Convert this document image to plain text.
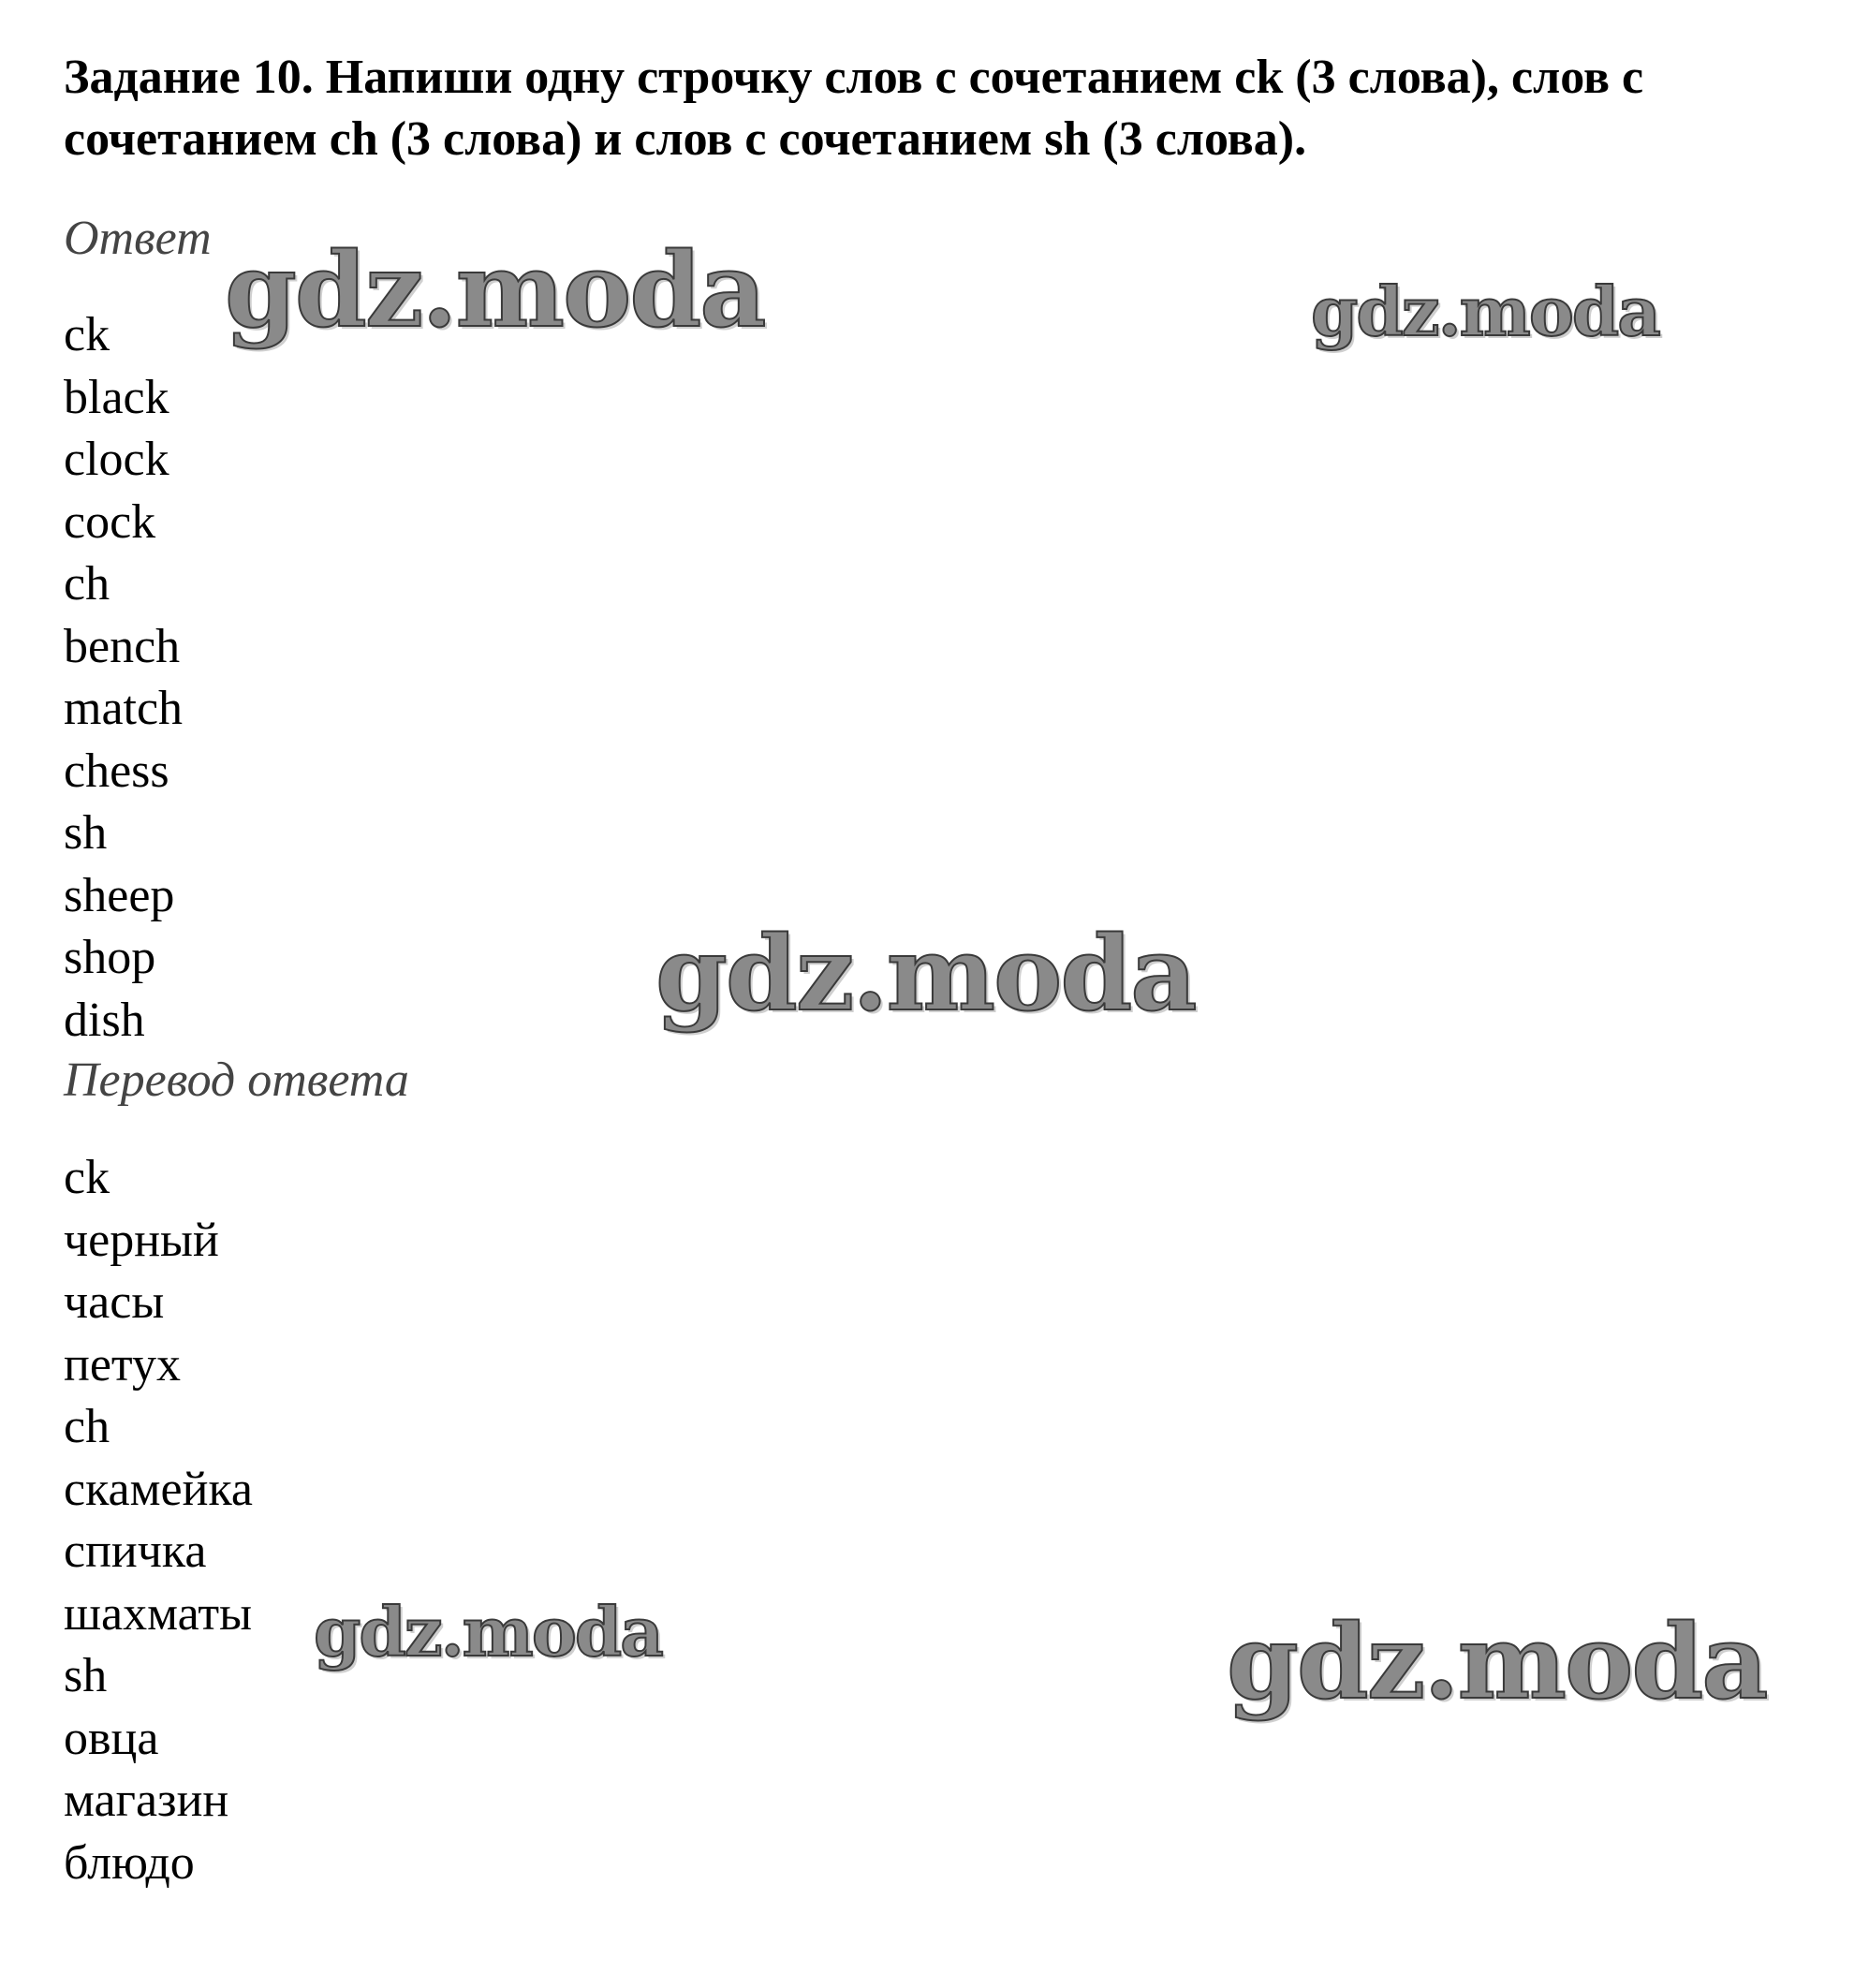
Задание 10. Напиши одну строчку слов с сочетанием ck (3 слова), слов с сочетанием ch (3 слова) и слов с сочетанием sh (3 слова).

Ответ
ck
black
clock
cock
ch
bench
match
chess
sh
sheep
shop
dish
Перевод ответа
ck
черный
часы
петух
ch
скамейка
спичка
шахматы
sh
овца
магазин
блюдо
gdz.moda	gdz.moda
gdz.moda
gdz.moda	gdz.moda
